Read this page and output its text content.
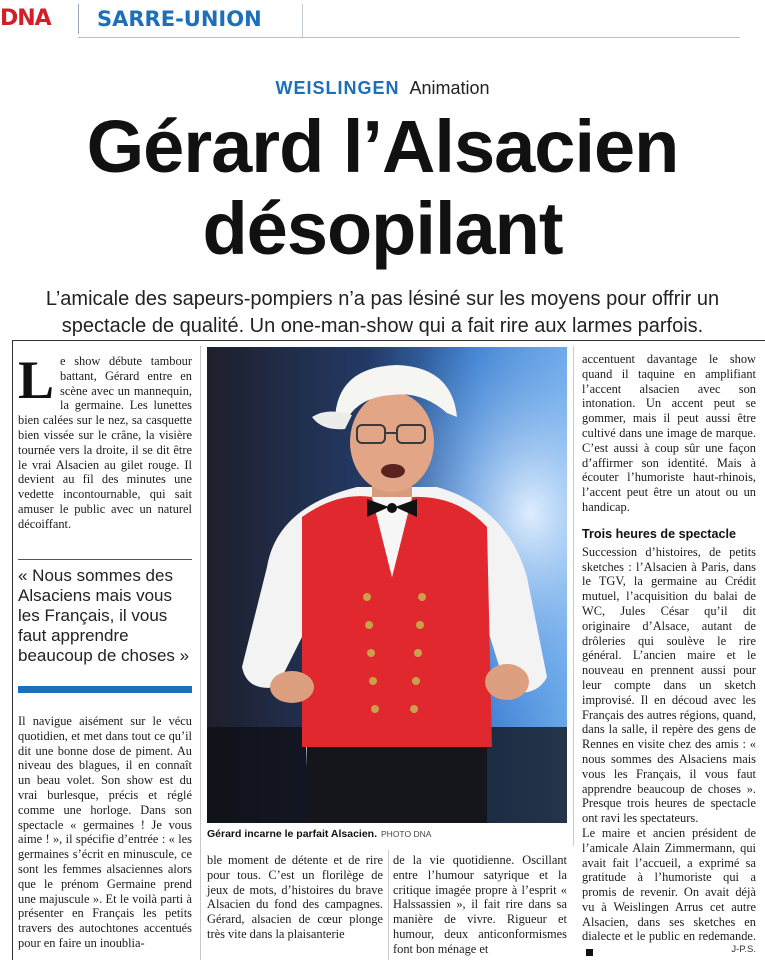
DNA	SARRE-UNION
WEISLINGEN Animation
Gérard l’Alsacien
désopilant
L’amicale des sapeurs-pompiers n’a pas lésiné sur les moyens pour offrir un
spectacle de qualité. Un one-man-show qui a fait rire aux larmes parfois.
L e show débute tambour battant, Gérard entre en scène avec un mannequin, la germaine. Les lunettes bien calées sur le nez, sa casquette bien vissée sur le crâne, la visière tournée vers la droite, il se dit être le vrai Alsacien au gilet rouge. Il devient au fil des minutes une vedette incontournable, qui sait amuser le public avec un naturel décoiffant.

« Nous sommes des Alsaciens mais vous les Français, il vous faut apprendre beaucoup de choses »

Il navigue aisément sur le vécu quotidien, et met dans tout ce qu’il dit une bonne dose de piment. Au niveau des blagues, il en connaît un beau volet. Son show est du vrai burlesque, précis et réglé comme une horloge. Dans son spectacle « germaines ! Je vous aime ! », il spécifie d’entrée : « les germaines s’écrit en minuscule, ce sont les femmes alsaciennes alors que le prénom Germaine prend une majuscule ». Et le voilà parti à présenter en Français les petits travers des autochtones accentués pour en faire un inoublia-

Gérard incarne le parfait Alsacien. PHOTO DNA

ble moment de détente et de rire pour tous. C’est un florilège de jeux de mots, d’histoires du brave Alsacien du fond des campagnes. Gérard, alsacien de cœur plonge très vite dans la plaisanterie

de la vie quotidienne. Oscillant entre l’humour satyrique et la critique imagée propre à l’esprit « Halssassien », il fait rire dans sa manière de vivre. Rigueur et humour, deux anticonformismes font bon ménage et

accentuent davantage le show quand il taquine en amplifiant l’accent alsacien avec son intonation. Un accent peut se gommer, mais il peut aussi être cultivé dans une image de marque. C’est aussi à coup sûr une façon d’affirmer son identité. Mais à écouter l’humoriste haut-rhinois, l’accent peut être un atout ou un handicap.

Trois heures de spectacle

Succession d’histoires, de petits sketches : l’Alsacien à Paris, dans le TGV, la germaine au Crédit mutuel, l’acquisition du balai de WC, Jules César qu’il dit originaire d’Alsace, autant de drôleries qui soulève le rire général. L’ancien maire et le nouveau en prennent aussi pour leur compte dans un sketch improvisé. Il en découd avec les Français des autres régions, quand, dans la salle, il repère des gens de Rennes en visite chez des amis : « nous sommes des Alsaciens mais vous les Français, il vous faut apprendre beaucoup de choses ». Presque trois heures de spectacle ont ravi les spectateurs.

Le maire et ancien président de l’amicale Alain Zimmermann, qui avait fait l’accueil, a exprimé sa gratitude à l’humoriste qui a promis de revenir. On avait déjà vu à Weislingen Arrus cet autre Alsacien, dans ses sketches en dialecte et le public en redemande.

J-P.S.
